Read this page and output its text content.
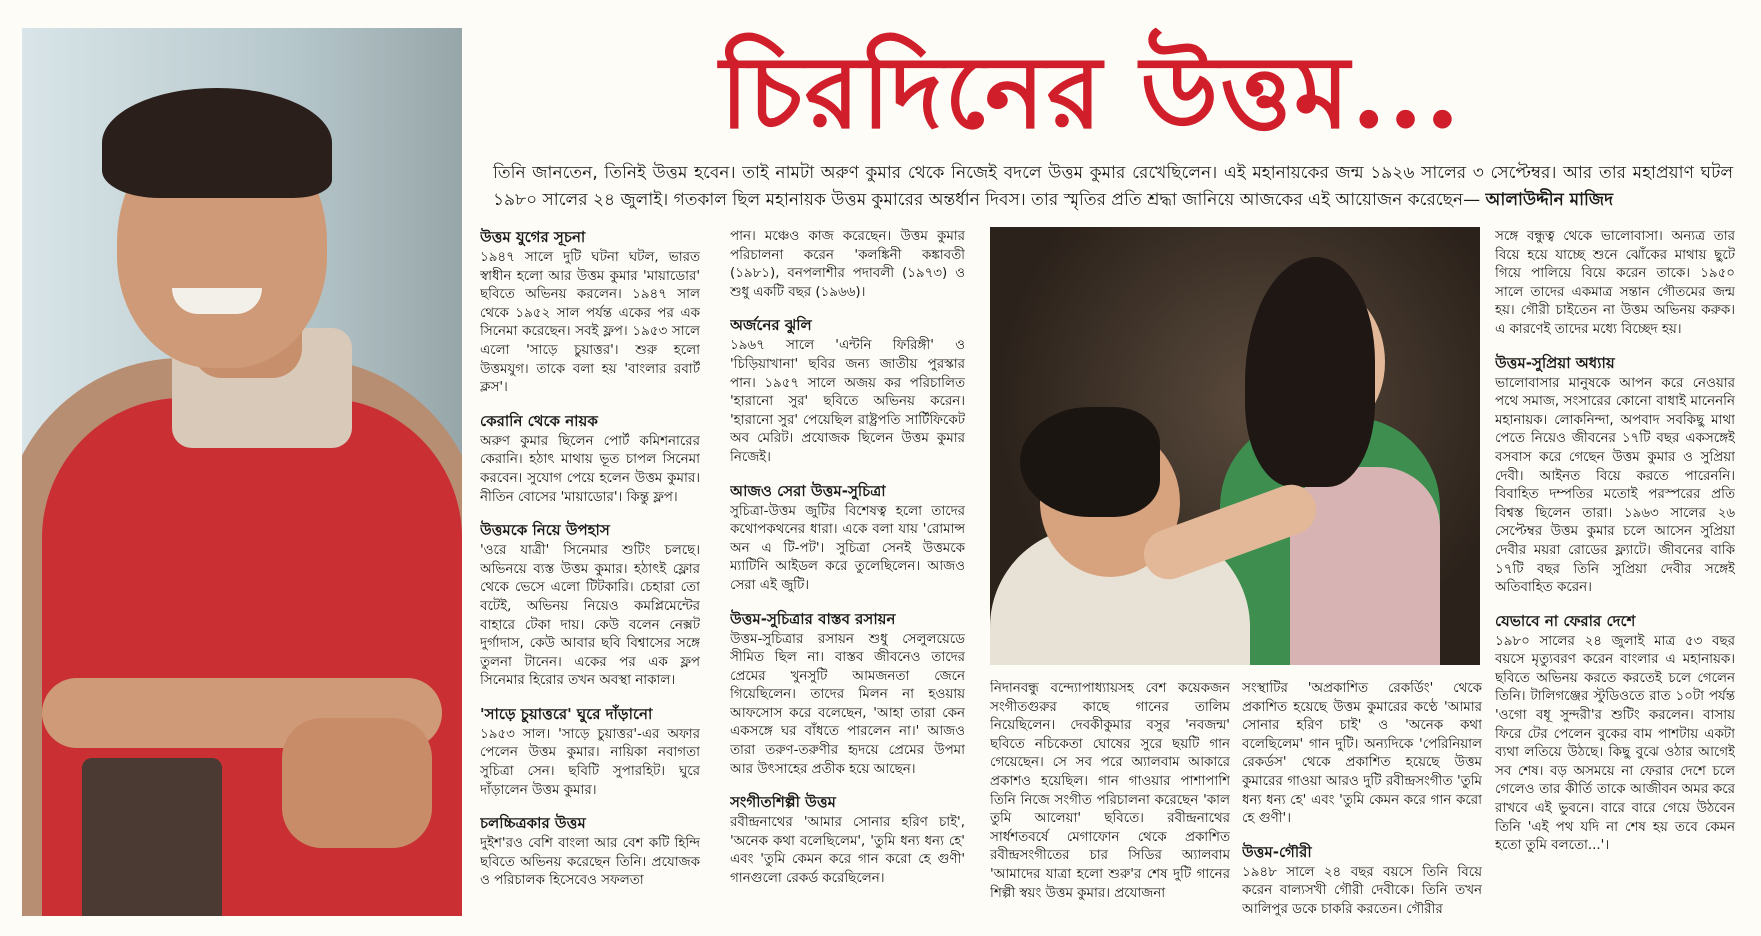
চিরদিনের উত্তম...
তিনি জানতেন, তিনিই উত্তম হবেন। তাই নামটা অরুণ কুমার থেকে নিজেই বদলে উত্তম কুমার রেখেছিলেন। এই মহানায়কের জন্ম ১৯২৬ সালের ৩ সেপ্টেম্বর। আর তার মহাপ্রয়াণ ঘটল ১৯৮০ সালের ২৪ জুলাই। গতকাল ছিল মহানায়ক উত্তম কুমারের অন্তর্ধান দিবস। তার স্মৃতির প্রতি শ্রদ্ধা জানিয়ে আজকের এই আয়োজন করেছেন— আলাউদ্দীন মাজিদ
উত্তম যুগের সূচনা

১৯৪৭ সালে দুটি ঘটনা ঘটল, ভারত স্বাধীন হলো আর উত্তম কুমার 'মায়াডোর' ছবিতে অভিনয় করলেন। ১৯৪৭ সাল থেকে ১৯৫২ সাল পর্যন্ত একের পর এক সিনেমা করেছেন। সবই ফ্লপ। ১৯৫৩ সালে এলো 'সাড়ে চুয়াত্তর'। শুরু হলো উত্তমযুগ। তাকে বলা হয় 'বাংলার রবার্ট ক্লস'।

কেরানি থেকে নায়ক

অরুণ কুমার ছিলেন পোর্ট কমিশনারের কেরানি। হঠাৎ মাথায় ভূত চাপল সিনেমা করবেন। সুযোগ পেয়ে হলেন উত্তম কুমার। নীতিন বোসের 'মায়াডোর'। কিন্তু ফ্লপ।

উত্তমকে নিয়ে উপহাস

'ওরে যাত্রী' সিনেমার শুটিং চলছে। অভিনয়ে ব্যস্ত উত্তম কুমার। হঠাৎই ফ্লোর থেকে ভেসে এলো টিটকারি। চেহারা তো বটেই, অভিনয় নিয়েও কমপ্লিমেন্টের বাহারে টেকা দায়। কেউ বলেন নেক্সট দুর্গাদাস, কেউ আবার ছবি বিশ্বাসের সঙ্গে তুলনা টানেন। একের পর এক ফ্লপ সিনেমার হিরোর তখন অবস্থা নাকাল।

'সাড়ে চুয়াত্তরে' ঘুরে দাঁড়ানো

১৯৫৩ সাল। 'সাড়ে চুয়াত্তর'-এর অফার পেলেন উত্তম কুমার। নায়িকা নবাগতা সুচিত্রা সেন। ছবিটি সুপারহিট। ঘুরে দাঁড়ালেন উত্তম কুমার।

চলচ্চিত্রকার উত্তম

দুইশ'রও বেশি বাংলা আর বেশ কটি হিন্দি ছবিতে অভিনয় করেছেন তিনি। প্রযোজক ও পরিচালক হিসেবেও সফলতা

পান। মঞ্চেও কাজ করেছেন। উত্তম কুমার পরিচালনা করেন 'কলঙ্কিনী কঙ্কাবতী (১৯৮১), বনপলাশীর পদাবলী (১৯৭৩) ও শুধু একটি বছর (১৯৬৬)।

অর্জনের ঝুলি

১৯৬৭ সালে 'এন্টনি ফিরিঙ্গী' ও 'চিড়িয়াখানা' ছবির জন্য জাতীয় পুরস্কার পান। ১৯৫৭ সালে অজয় কর পরিচালিত 'হারানো সুর' ছবিতে অভিনয় করেন। 'হারানো সুর' পেয়েছিল রাষ্ট্রপতি সার্টিফিকেট অব মেরিট। প্রযোজক ছিলেন উত্তম কুমার নিজেই।

আজও সেরা উত্তম-সুচিত্রা

সুচিত্রা-উত্তম জুটির বিশেষত্ব হলো তাদের কথোপকথনের ধারা। একে বলা যায় 'রোমান্স অন এ টি-পট'। সুচিত্রা সেনই উত্তমকে ম্যাটিনি আইডল করে তুলেছিলেন। আজও সেরা এই জুটি।

উত্তম-সুচিত্রার বাস্তব রসায়ন

উত্তম-সুচিত্রার রসায়ন শুধু সেলুলয়েডে সীমিত ছিল না। বাস্তব জীবনেও তাদের প্রেমের খুনসুটি আমজনতা জেনে গিয়েছিলেন। তাদের মিলন না হওয়ায় আফসোস করে বলেছেন, 'আহা তারা কেন একসঙ্গে ঘর বাঁধতে পারলেন না।' আজও তারা তরুণ-তরুণীর হৃদয়ে প্রেমের উপমা আর উৎসাহের প্রতীক হয়ে আছেন।

সংগীতশিল্পী উত্তম

রবীন্দ্রনাথের 'আমার সোনার হরিণ চাই', 'অনেক কথা বলেছিলেম', 'তুমি ধন্য ধন্য হে' এবং 'তুমি কেমন করে গান করো হে গুণী' গানগুলো রেকর্ড করেছিলেন।

নিদানবন্ধু বন্দ্যোপাধ্যায়সহ বেশ কয়েকজন সংগীতগুরুর কাছে গানের তালিম নিয়েছিলেন। দেবকীকুমার বসুর 'নবজন্ম' ছবিতে নচিকেতা ঘোষের সুরে ছয়টি গান গেয়েছেন। সে সব পরে অ্যালবাম আকারে প্রকাশও হয়েছিল। গান গাওয়ার পাশাপাশি তিনি নিজে সংগীত পরিচালনা করেছেন 'কাল তুমি আলেয়া' ছবিতে। রবীন্দ্রনাথের সার্ধশতবর্ষে মেগাফোন থেকে প্রকাশিত রবীন্দ্রসংগীতের চার সিডির অ্যালবাম 'আমাদের যাত্রা হলো শুরু'র শেষ দুটি গানের শিল্পী স্বয়ং উত্তম কুমার। প্রযোজনা

সংস্থাটির 'অপ্রকাশিত রেকর্ডিং' থেকে প্রকাশিত হয়েছে উত্তম কুমারের কণ্ঠে 'আমার সোনার হরিণ চাই' ও 'অনেক কথা বলেছিলেম' গান দুটি। অন্যদিকে 'পেরিনিয়াল রেকর্ডস' থেকে প্রকাশিত হয়েছে উত্তম কুমারের গাওয়া আরও দুটি রবীন্দ্রসংগীত 'তুমি ধন্য ধন্য হে' এবং 'তুমি কেমন করে গান করো হে গুণী'।

উত্তম-গৌরী

১৯৪৮ সালে ২৪ বছর বয়সে তিনি বিয়ে করেন বাল্যসখী গৌরী দেবীকে। তিনি তখন আলিপুর ডকে চাকরি করতেন। গৌরীর

সঙ্গে বন্ধুত্ব থেকে ভালোবাসা। অন্যত্র তার বিয়ে হয়ে যাচ্ছে শুনে ঝোঁকের মাথায় ছুটে গিয়ে পালিয়ে বিয়ে করেন তাকে। ১৯৫০ সালে তাদের একমাত্র সন্তান গৌতমের জন্ম হয়। গৌরী চাইতেন না উত্তম অভিনয় করুক। এ কারণেই তাদের মধ্যে বিচ্ছেদ হয়।

উত্তম-সুপ্রিয়া অধ্যায়

ভালোবাসার মানুষকে আপন করে নেওয়ার পথে সমাজ, সংসারের কোনো বাধাই মানেননি মহানায়ক। লোকনিন্দা, অপবাদ সবকিছু মাথা পেতে নিয়েও জীবনের ১৭টি বছর একসঙ্গেই বসবাস করে গেছেন উত্তম কুমার ও সুপ্রিয়া দেবী। আইনত বিয়ে করতে পারেননি। বিবাহিত দম্পতির মতোই পরস্পরের প্রতি বিশ্বস্ত ছিলেন তারা। ১৯৬৩ সালের ২৬ সেপ্টেম্বর উত্তম কুমার চলে আসেন সুপ্রিয়া দেবীর ময়রা রোডের ফ্ল্যাটে। জীবনের বাকি ১৭টি বছর তিনি সুপ্রিয়া দেবীর সঙ্গেই অতিবাহিত করেন।

যেভাবে না ফেরার দেশে

১৯৮০ সালের ২৪ জুলাই মাত্র ৫৩ বছর বয়সে মৃত্যুবরণ করেন বাংলার এ মহানায়ক। ছবিতে অভিনয় করতে করতেই চলে গেলেন তিনি। টালিগঞ্জের স্টুডিওতে রাত ১০টা পর্যন্ত 'ওগো বধূ সুন্দরী'র শুটিং করলেন। বাসায় ফিরে টের পেলেন বুকের বাম পাশটায় একটা ব্যথা লতিয়ে উঠছে। কিছু বুঝে ওঠার আগেই সব শেষ। বড় অসময়ে না ফেরার দেশে চলে গেলেও তার কীর্তি তাকে আজীবন অমর করে রাখবে এই ভুবনে। বারে বারে গেয়ে উঠবেন তিনি 'এই পথ যদি না শেষ হয় তবে কেমন হতো তুমি বলতো...'।
